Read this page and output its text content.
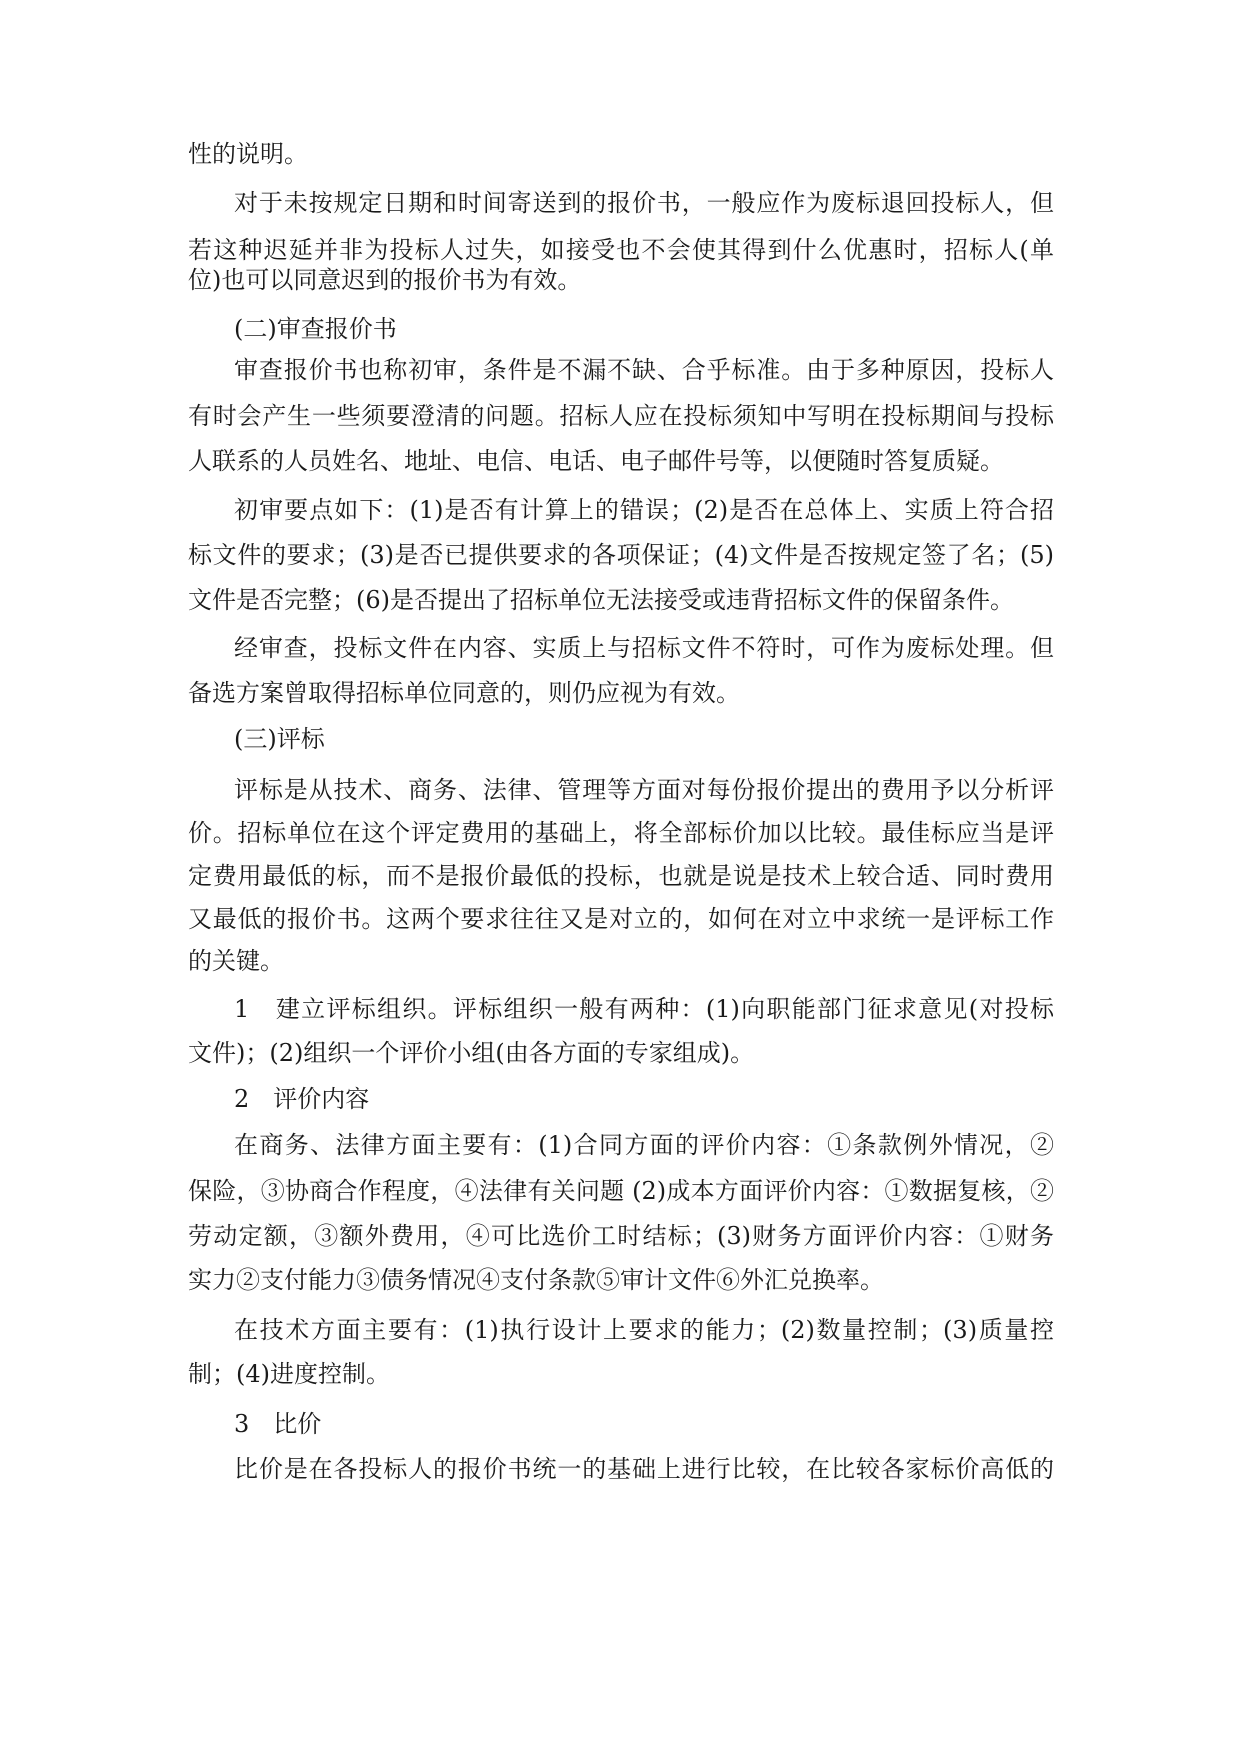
性的说明。
对于未按规定日期和时间寄送到的报价书，一般应作为废标退回投标人，但
若这种迟延并非为投标人过失，如接受也不会使其得到什么优惠时，招标人(单
位)也可以同意迟到的报价书为有效。
(二)审查报价书
审查报价书也称初审，条件是不漏不缺、合乎标准。由于多种原因，投标人
有时会产生一些须要澄清的问题。招标人应在投标须知中写明在投标期间与投标
人联系的人员姓名、地址、电信、电话、电子邮件号等，以便随时答复质疑。
初审要点如下：(1)是否有计算上的错误；(2)是否在总体上、实质上符合招
标文件的要求；(3)是否已提供要求的各项保证；(4)文件是否按规定签了名；(5)
文件是否完整；(6)是否提出了招标单位无法接受或违背招标文件的保留条件。
经审查，投标文件在内容、实质上与招标文件不符时，可作为废标处理。但
备选方案曾取得招标单位同意的，则仍应视为有效。
(三)评标
评标是从技术、商务、法律、管理等方面对每份报价提出的费用予以分析评
价。招标单位在这个评定费用的基础上，将全部标价加以比较。最佳标应当是评
定费用最低的标，而不是报价最低的投标，也就是说是技术上较合适、同时费用
又最低的报价书。这两个要求往往又是对立的，如何在对立中求统一是评标工作
的关键。
1　建立评标组织。评标组织一般有两种：(1)向职能部门征求意见(对投标
文件)；(2)组织一个评价小组(由各方面的专家组成)。
2　评价内容
在商务、法律方面主要有：(1)合同方面的评价内容：①条款例外情况，②
保险，③协商合作程度，④法律有关问题 (2)成本方面评价内容：①数据复核，②
劳动定额，③额外费用，④可比选价工时结标；(3)财务方面评价内容：①财务
实力②支付能力③债务情况④支付条款⑤审计文件⑥外汇兑换率。
在技术方面主要有：(1)执行设计上要求的能力；(2)数量控制；(3)质量控
制；(4)进度控制。
3　比价
比价是在各投标人的报价书统一的基础上进行比较，在比较各家标价高低的
